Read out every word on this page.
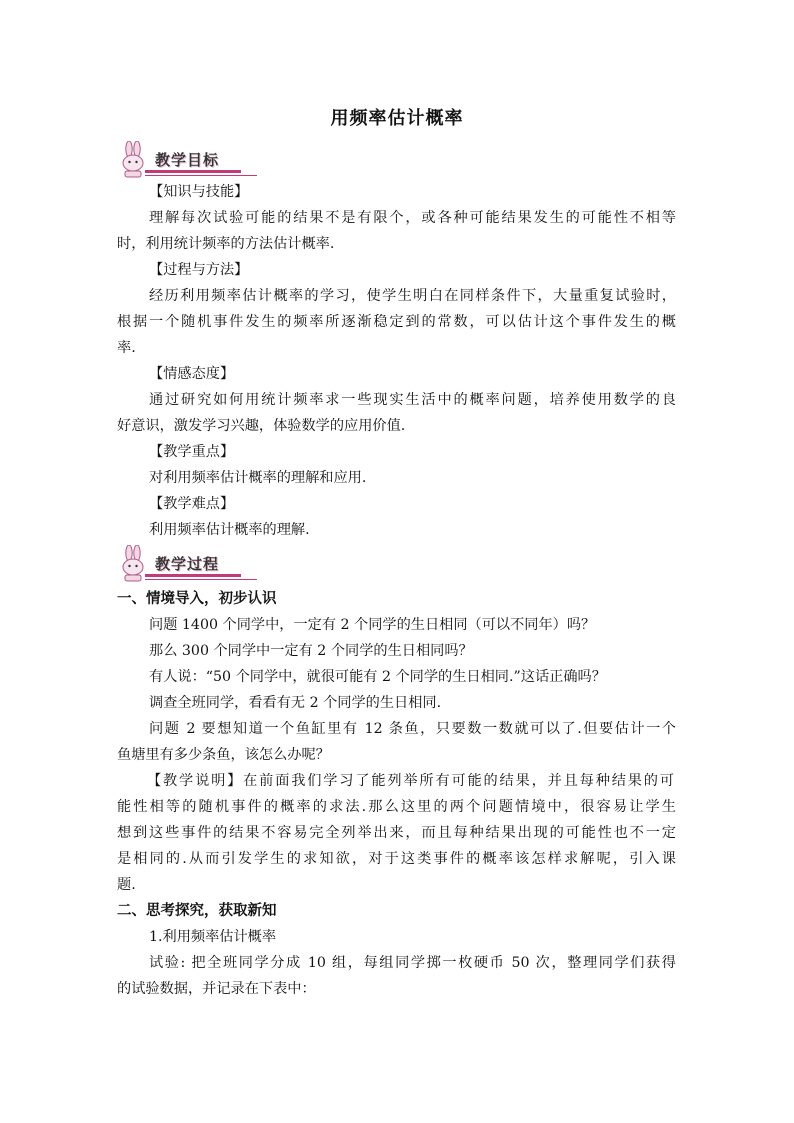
用频率估计概率
教学目标
【知识与技能】
理解每次试验可能的结果不是有限个，或各种可能结果发生的可能性不相等
时，利用统计频率的方法估计概率.
【过程与方法】
经历利用频率估计概率的学习，使学生明白在同样条件下，大量重复试验时，
根据一个随机事件发生的频率所逐渐稳定到的常数，可以估计这个事件发生的概
率.
【情感态度】
通过研究如何用统计频率求一些现实生活中的概率问题，培养使用数学的良
好意识，激发学习兴趣，体验数学的应用价值.
【教学重点】
对利用频率估计概率的理解和应用.
【教学难点】
利用频率估计概率的理解.
教学过程
一、情境导入，初步认识
问题 1400 个同学中，一定有 2 个同学的生日相同（可以不同年）吗？
那么 300 个同学中一定有 2 个同学的生日相同吗？
有人说：“50 个同学中，就很可能有 2 个同学的生日相同.”这话正确吗？
调查全班同学，看看有无 2 个同学的生日相同.
问题 2 要想知道一个鱼缸里有 12 条鱼，只要数一数就可以了.但要估计一个
鱼塘里有多少条鱼，该怎么办呢？
【教学说明】在前面我们学习了能列举所有可能的结果，并且每种结果的可
能性相等的随机事件的概率的求法.那么这里的两个问题情境中，很容易让学生
想到这些事件的结果不容易完全列举出来，而且每种结果出现的可能性也不一定
是相同的.从而引发学生的求知欲，对于这类事件的概率该怎样求解呢，引入课
题.
二、思考探究，获取新知
1.利用频率估计概率
试验: 把全班同学分成 10 组，每组同学掷一枚硬币 50 次，整理同学们获得
的试验数据，并记录在下表中：
